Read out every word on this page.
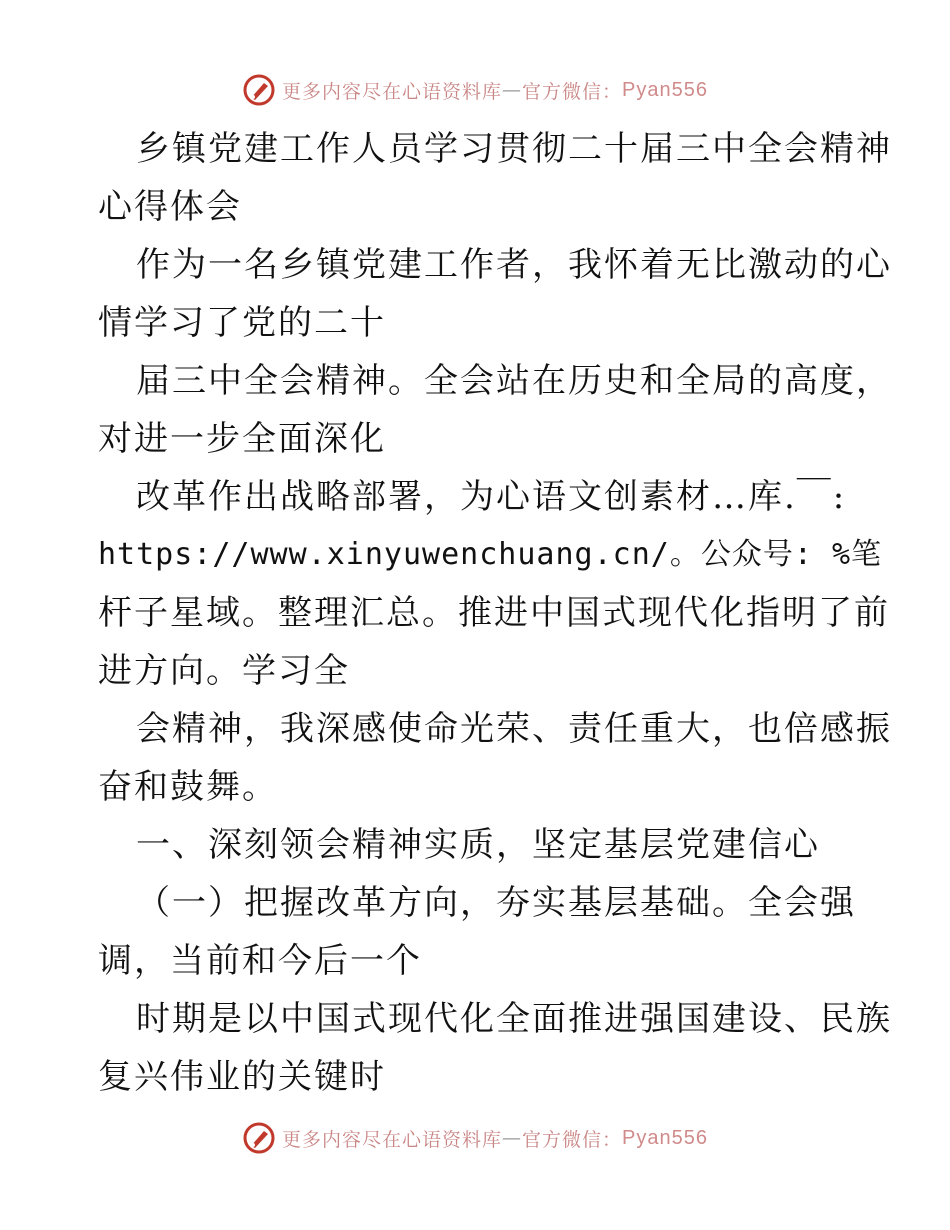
更多内容尽在心语资料库 — 官方微信： Pyan556
乡镇党建工作人员学习贯彻二十届三中全会精神
心得体会
作为一名乡镇党建工作者，我怀着无比激动的心
情学习了党的二十
届三中全会精神。全会站在历史和全局的高度，
对进一步全面深化
改革作出战略部署，为心语文创素材…库.￣:
https://www.xinyuwenchuang.cn/。公众号: %笔
杆子星域。整理汇总。推进中国式现代化指明了前
进方向。学习全
会精神，我深感使命光荣、责任重大，也倍感振
奋和鼓舞。
一、深刻领会精神实质，坚定基层党建信心
（一）把握改革方向，夯实基层基础。全会强
调，当前和今后一个
时期是以中国式现代化全面推进强国建设、民族
复兴伟业的关键时
更多内容尽在心语资料库 — 官方微信： Pyan556
